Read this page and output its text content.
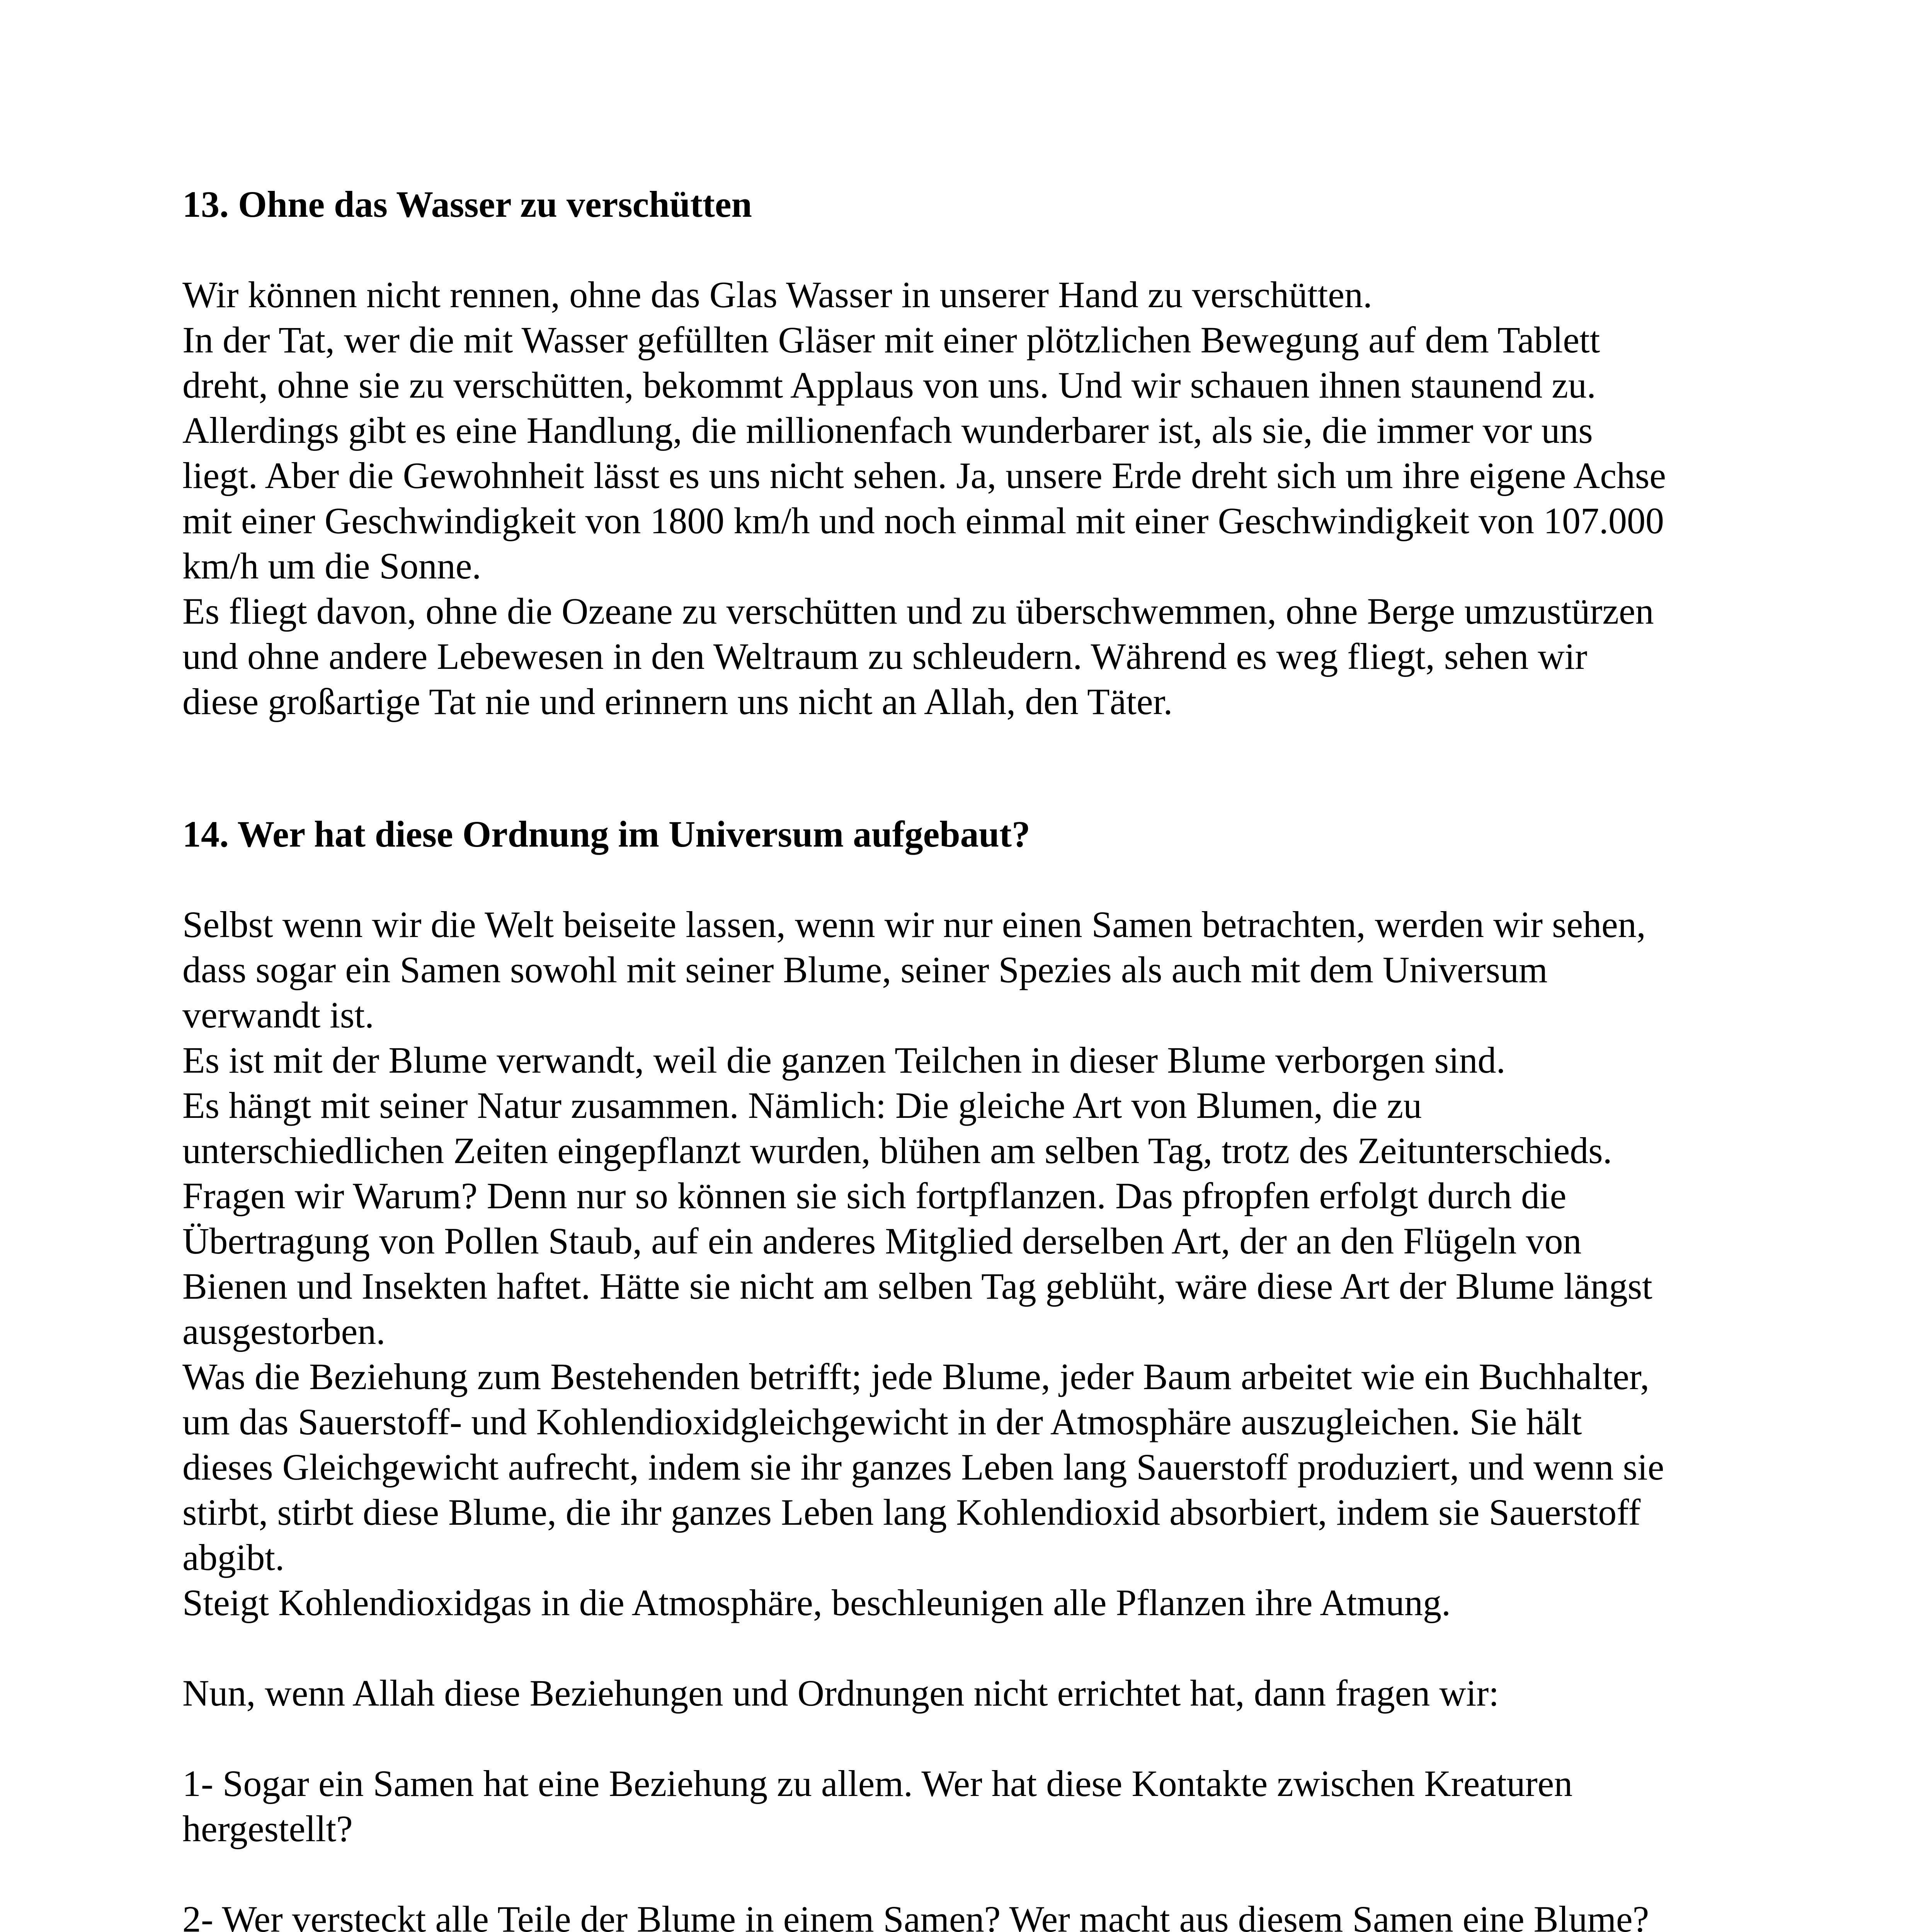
13. Ohne das Wasser zu verschütten

Wir können nicht rennen, ohne das Glas Wasser in unserer Hand zu verschütten.
In der Tat, wer die mit Wasser gefüllten Gläser mit einer plötzlichen Bewegung auf dem Tablett
dreht, ohne sie zu verschütten, bekommt Applaus von uns. Und wir schauen ihnen staunend zu.
Allerdings gibt es eine Handlung, die millionenfach wunderbarer ist, als sie, die immer vor uns
liegt. Aber die Gewohnheit lässt es uns nicht sehen. Ja, unsere Erde dreht sich um ihre eigene Achse
mit einer Geschwindigkeit von 1800 km/h und noch einmal mit einer Geschwindigkeit von 107.000
km/h um die Sonne.
Es fliegt davon, ohne die Ozeane zu verschütten und zu überschwemmen, ohne Berge umzustürzen
und ohne andere Lebewesen in den Weltraum zu schleudern. Während es weg fliegt, sehen wir
diese großartige Tat nie und erinnern uns nicht an Allah, den Täter.

14. Wer hat diese Ordnung im Universum aufgebaut?

Selbst wenn wir die Welt beiseite lassen, wenn wir nur einen Samen betrachten, werden wir sehen,
dass sogar ein Samen sowohl mit seiner Blume, seiner Spezies als auch mit dem Universum
verwandt ist.
Es ist mit der Blume verwandt, weil die ganzen Teilchen in dieser Blume verborgen sind.
Es hängt mit seiner Natur zusammen. Nämlich: Die gleiche Art von Blumen, die zu
unterschiedlichen Zeiten eingepflanzt wurden, blühen am selben Tag, trotz des Zeitunterschieds.
Fragen wir Warum? Denn nur so können sie sich fortpflanzen. Das pfropfen erfolgt durch die
Übertragung von Pollen Staub, auf ein anderes Mitglied derselben Art, der an den Flügeln von
Bienen und Insekten haftet. Hätte sie nicht am selben Tag geblüht, wäre diese Art der Blume längst
ausgestorben.
Was die Beziehung zum Bestehenden betrifft; jede Blume, jeder Baum arbeitet wie ein Buchhalter,
um das Sauerstoff- und Kohlendioxidgleichgewicht in der Atmosphäre auszugleichen. Sie hält
dieses Gleichgewicht aufrecht, indem sie ihr ganzes Leben lang Sauerstoff produziert, und wenn sie
stirbt, stirbt diese Blume, die ihr ganzes Leben lang Kohlendioxid absorbiert, indem sie Sauerstoff
abgibt.
Steigt Kohlendioxidgas in die Atmosphäre, beschleunigen alle Pflanzen ihre Atmung.

Nun, wenn Allah diese Beziehungen und Ordnungen nicht errichtet hat, dann fragen wir:

1- Sogar ein Samen hat eine Beziehung zu allem. Wer hat diese Kontakte zwischen Kreaturen
hergestellt?

2- Wer versteckt alle Teile der Blume in einem Samen? Wer macht aus diesem Samen eine Blume?
